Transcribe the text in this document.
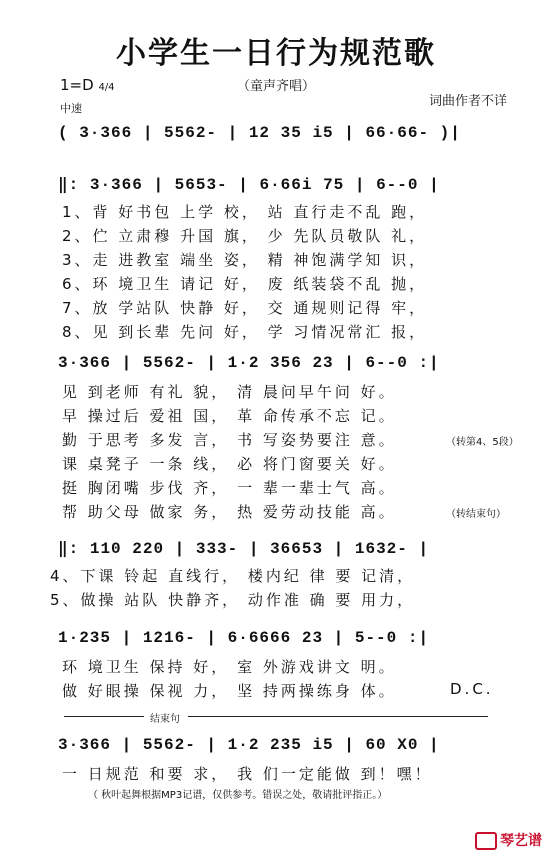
小学生一日行为规范歌
（童声齐唱）
1=D 4/4
中速	词曲作者不详
( 3·366 | 5562- | 12 35 i5 | 66·66- )|
‖: 3·366 | 5653- | 6·66i 75 | 6--0 |
1、背 好书包 上学 校， 站 直行走不乱 跑，
2、伫 立肃穆 升国 旗， 少 先队员敬队 礼，
3、走 进教室 端坐 姿， 精 神饱满学知 识，
6、环 境卫生 请记 好， 废 纸装袋不乱 抛，
7、放 学站队 快静 好， 交 通规则记得 牢，
8、见 到长辈 先问 好， 学 习情况常汇 报，
3·366 | 5562- | 1·2 356 23 | 6--0 :|
见 到老师 有礼 貌， 清 晨问早午问 好。
早 操过后 爱祖 国， 革 命传承不忘 记。
勤 于思考 多发 言， 书 写姿势要注 意。	（转第4、5段）
课 桌凳子 一条 线， 必 将门窗要关 好。
挺 胸闭嘴 步伐 齐， 一 辈一辈士气 高。
帮 助父母 做家 务， 热 爱劳动技能 高。	（转结束句）
‖: 110 220 | 333- | 36653 | 1632- |
4、下课 铃起 直线行， 楼内纪 律 要 记清，
5、做操 站队 快静齐， 动作准 确 要 用力，
1·235 | 1216- | 6·6666 23 | 5--0 :|
环 境卫生 保持 好， 室 外游戏讲文 明。
做 好眼操 保视 力， 坚 持两操练身 体。	D.C.
结束句
3·366 | 5562- | 1·2 235 i5 | 60 X0 |
一 日规范 和要 求， 我 们一定能做 到！嘿！
（ 秋叶起舞根据MP3记谱，仅供参考。错误之处，敬请批评指正。）
琴艺谱
